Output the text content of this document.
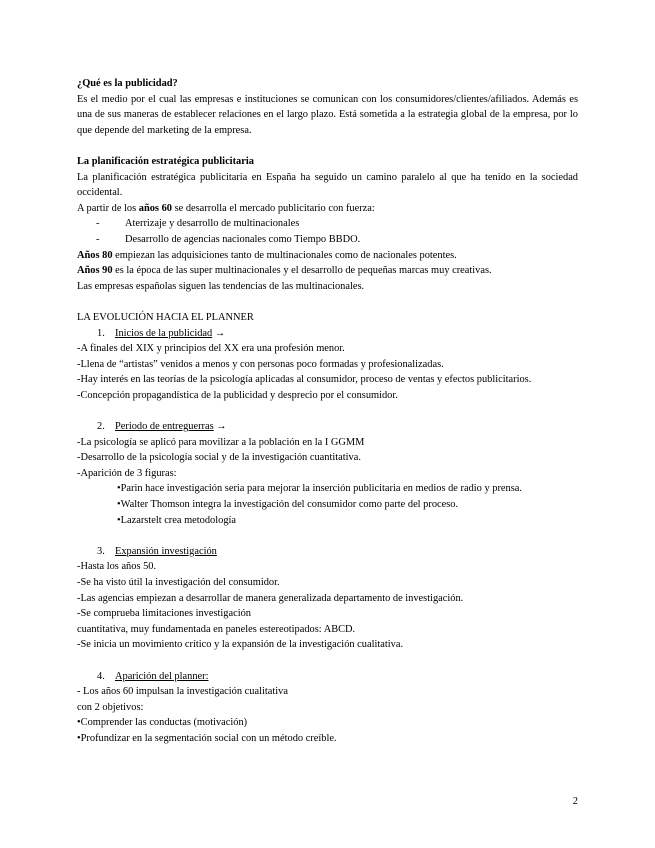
¿Qué es la publicidad?

Es el medio por el cual las empresas e instituciones se comunican con los consumidores/clientes/afiliados. Además es una de sus maneras de establecer relaciones en el largo plazo. Está sometida a la estrategia global de la empresa, por lo que depende del marketing de la empresa.

La planificación estratégica publicitaria

La planificación estratégica publicitaria en España ha seguido un camino paralelo al que ha tenido en la sociedad occidental.

A partir de los años 60 se desarrolla el mercado publicitario con fuerza:

- Aterrizaje y desarrollo de multinacionales
- Desarrollo de agencias nacionales como Tiempo BBDO.

Años 80 empiezan las adquisiciones tanto de multinacionales como de nacionales potentes.

Años 90 es la época de las super multinacionales y el desarrollo de pequeñas marcas muy creativas.

Las empresas españolas siguen las tendencias de las multinacionales.

LA EVOLUCIÓN HACIA EL PLANNER

1. Inicios de la publicidad →

-A finales del XIX y principios del XX era una profesión menor.

-Llena de “artistas” venidos a menos y con personas poco formadas y profesionalizadas.

-Hay interés en las teorías de la psicología aplicadas al consumidor, proceso de ventas y efectos publicitarios.

-Concepción propagandística de la publicidad y desprecio por el consumidor.

2. Periodo de entreguerras →

-La psicología se aplicó para movilizar a la población en la I GGMM

-Desarrollo de la psicología social y de la investigación cuantitativa.

-Aparición de 3 figuras:

•Parin hace investigación seria para mejorar la inserción publicitaria en medios de radio y prensa.

•Walter Thomson integra la investigación del consumidor como parte del proceso.

•Lazarstelt crea metodología

3. Expansión investigación

-Hasta los años 50.

-Se ha visto útil la investigación del consumidor.

-Las agencias empiezan a desarrollar de manera generalizada departamento de investigación.

-Se comprueba limitaciones investigación

cuantitativa, muy fundamentada en paneles estereotipados: ABCD.

-Se inicia un movimiento crítico y la expansión de la investigación cualitativa.

4. Aparición del planner:

- Los años 60 impulsan la investigación cualitativa

con 2 objetivos:

•Comprender las conductas (motivación)

•Profundizar en la segmentación social con un método creíble.

2
